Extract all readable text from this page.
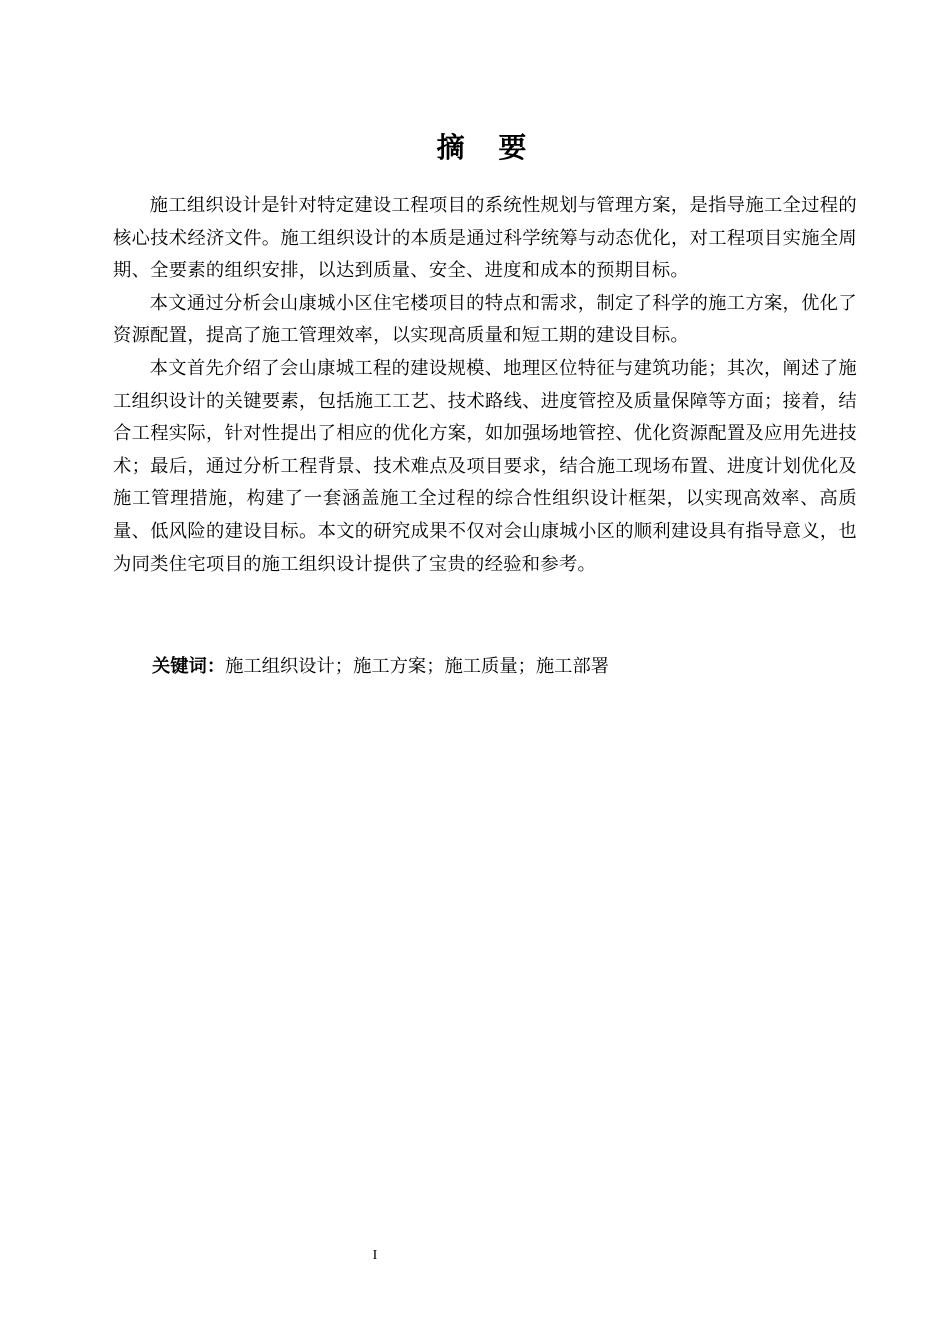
摘 要

施工组织设计是针对特定建设工程项目的系统性规划与管理方案，是指导施工全过程的核心技术经济文件。施工组织设计的本质是通过科学统筹与动态优化，对工程项目实施全周期、全要素的组织安排，以达到质量、安全、进度和成本的预期目标。

本文通过分析会山康城小区住宅楼项目的特点和需求，制定了科学的施工方案，优化了资源配置，提高了施工管理效率，以实现高质量和短工期的建设目标。

本文首先介绍了会山康城工程的建设规模、地理区位特征与建筑功能；其次，阐述了施工组织设计的关键要素，包括施工工艺、技术路线、进度管控及质量保障等方面；接着，结合工程实际，针对性提出了相应的优化方案，如加强场地管控、优化资源配置及应用先进技术；最后，通过分析工程背景、技术难点及项目要求，结合施工现场布置、进度计划优化及施工管理措施，构建了一套涵盖施工全过程的综合性组织设计框架，以实现高效率、高质量、低风险的建设目标。本文的研究成果不仅对会山康城小区的顺利建设具有指导意义，也为同类住宅项目的施工组织设计提供了宝贵的经验和参考。

关键词：施工组织设计；施工方案；施工质量；施工部署
I
